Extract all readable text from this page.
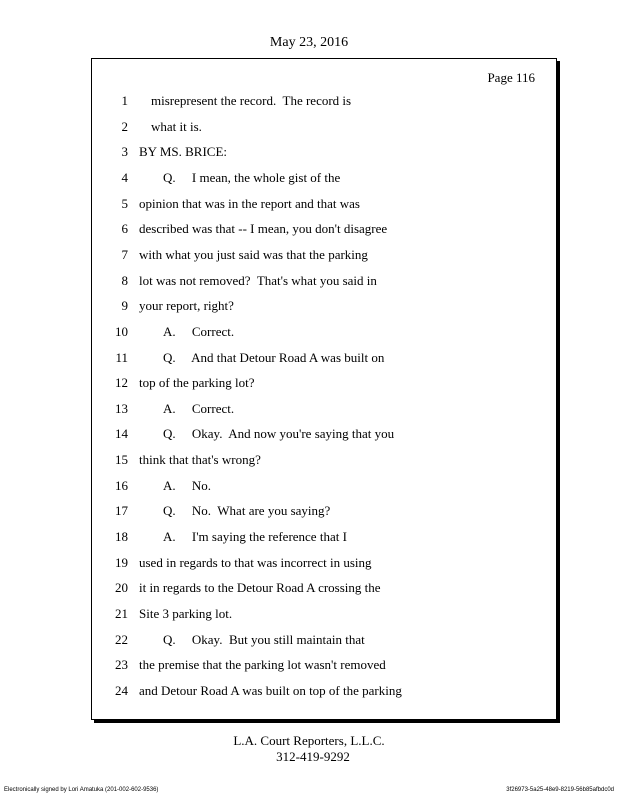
May 23, 2016
Page 116
1 misrepresent the record.  The record is
2 what it is.
3 BY MS. BRICE:
4	Q.     I mean, the whole gist of the
5 opinion that was in the report and that was
6 described was that -- I mean, you don't disagree
7 with what you just said was that the parking
8 lot was not removed?  That's what you said in
9 your report, right?
10	A.     Correct.
11	Q.     And that Detour Road A was built on
12 top of the parking lot?
13	A.     Correct.
14	Q.     Okay.  And now you're saying that you
15 think that that's wrong?
16	A.     No.
17	Q.     No.  What are you saying?
18	A.     I'm saying the reference that I
19 used in regards to that was incorrect in using
20 it in regards to the Detour Road A crossing the
21 Site 3 parking lot.
22	Q.     Okay.  But you still maintain that
23 the premise that the parking lot wasn't removed
24 and Detour Road A was built on top of the parking
L.A. Court Reporters, L.L.C.
312-419-9292
Electronically signed by Lori Amatuka (201-002-602-9536)	3f26973-5a25-48e9-8219-56b85afbdc0d
